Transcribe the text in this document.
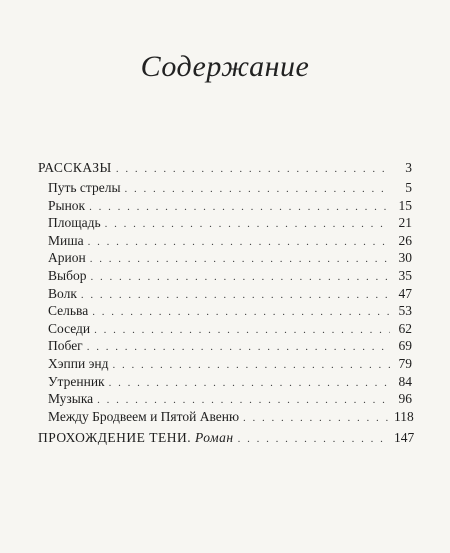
Содержание
РАССКАЗЫ . . .	3
Путь стрелы . . .	5
Рынок . . .	15
Площадь . . .	21
Миша . . .	26
Арион . . .	30
Выбор . . .	35
Волк . . .	47
Сельва . . .	53
Соседи . . .	62
Побег . . .	69
Хэппи энд . . .	79
Утренник . . .	84
Музыка . . .	96
Между Бродвеем и Пятой Авеню . . .	118
ПРОХОЖДЕНИЕ ТЕНИ. Роман . . .	147
